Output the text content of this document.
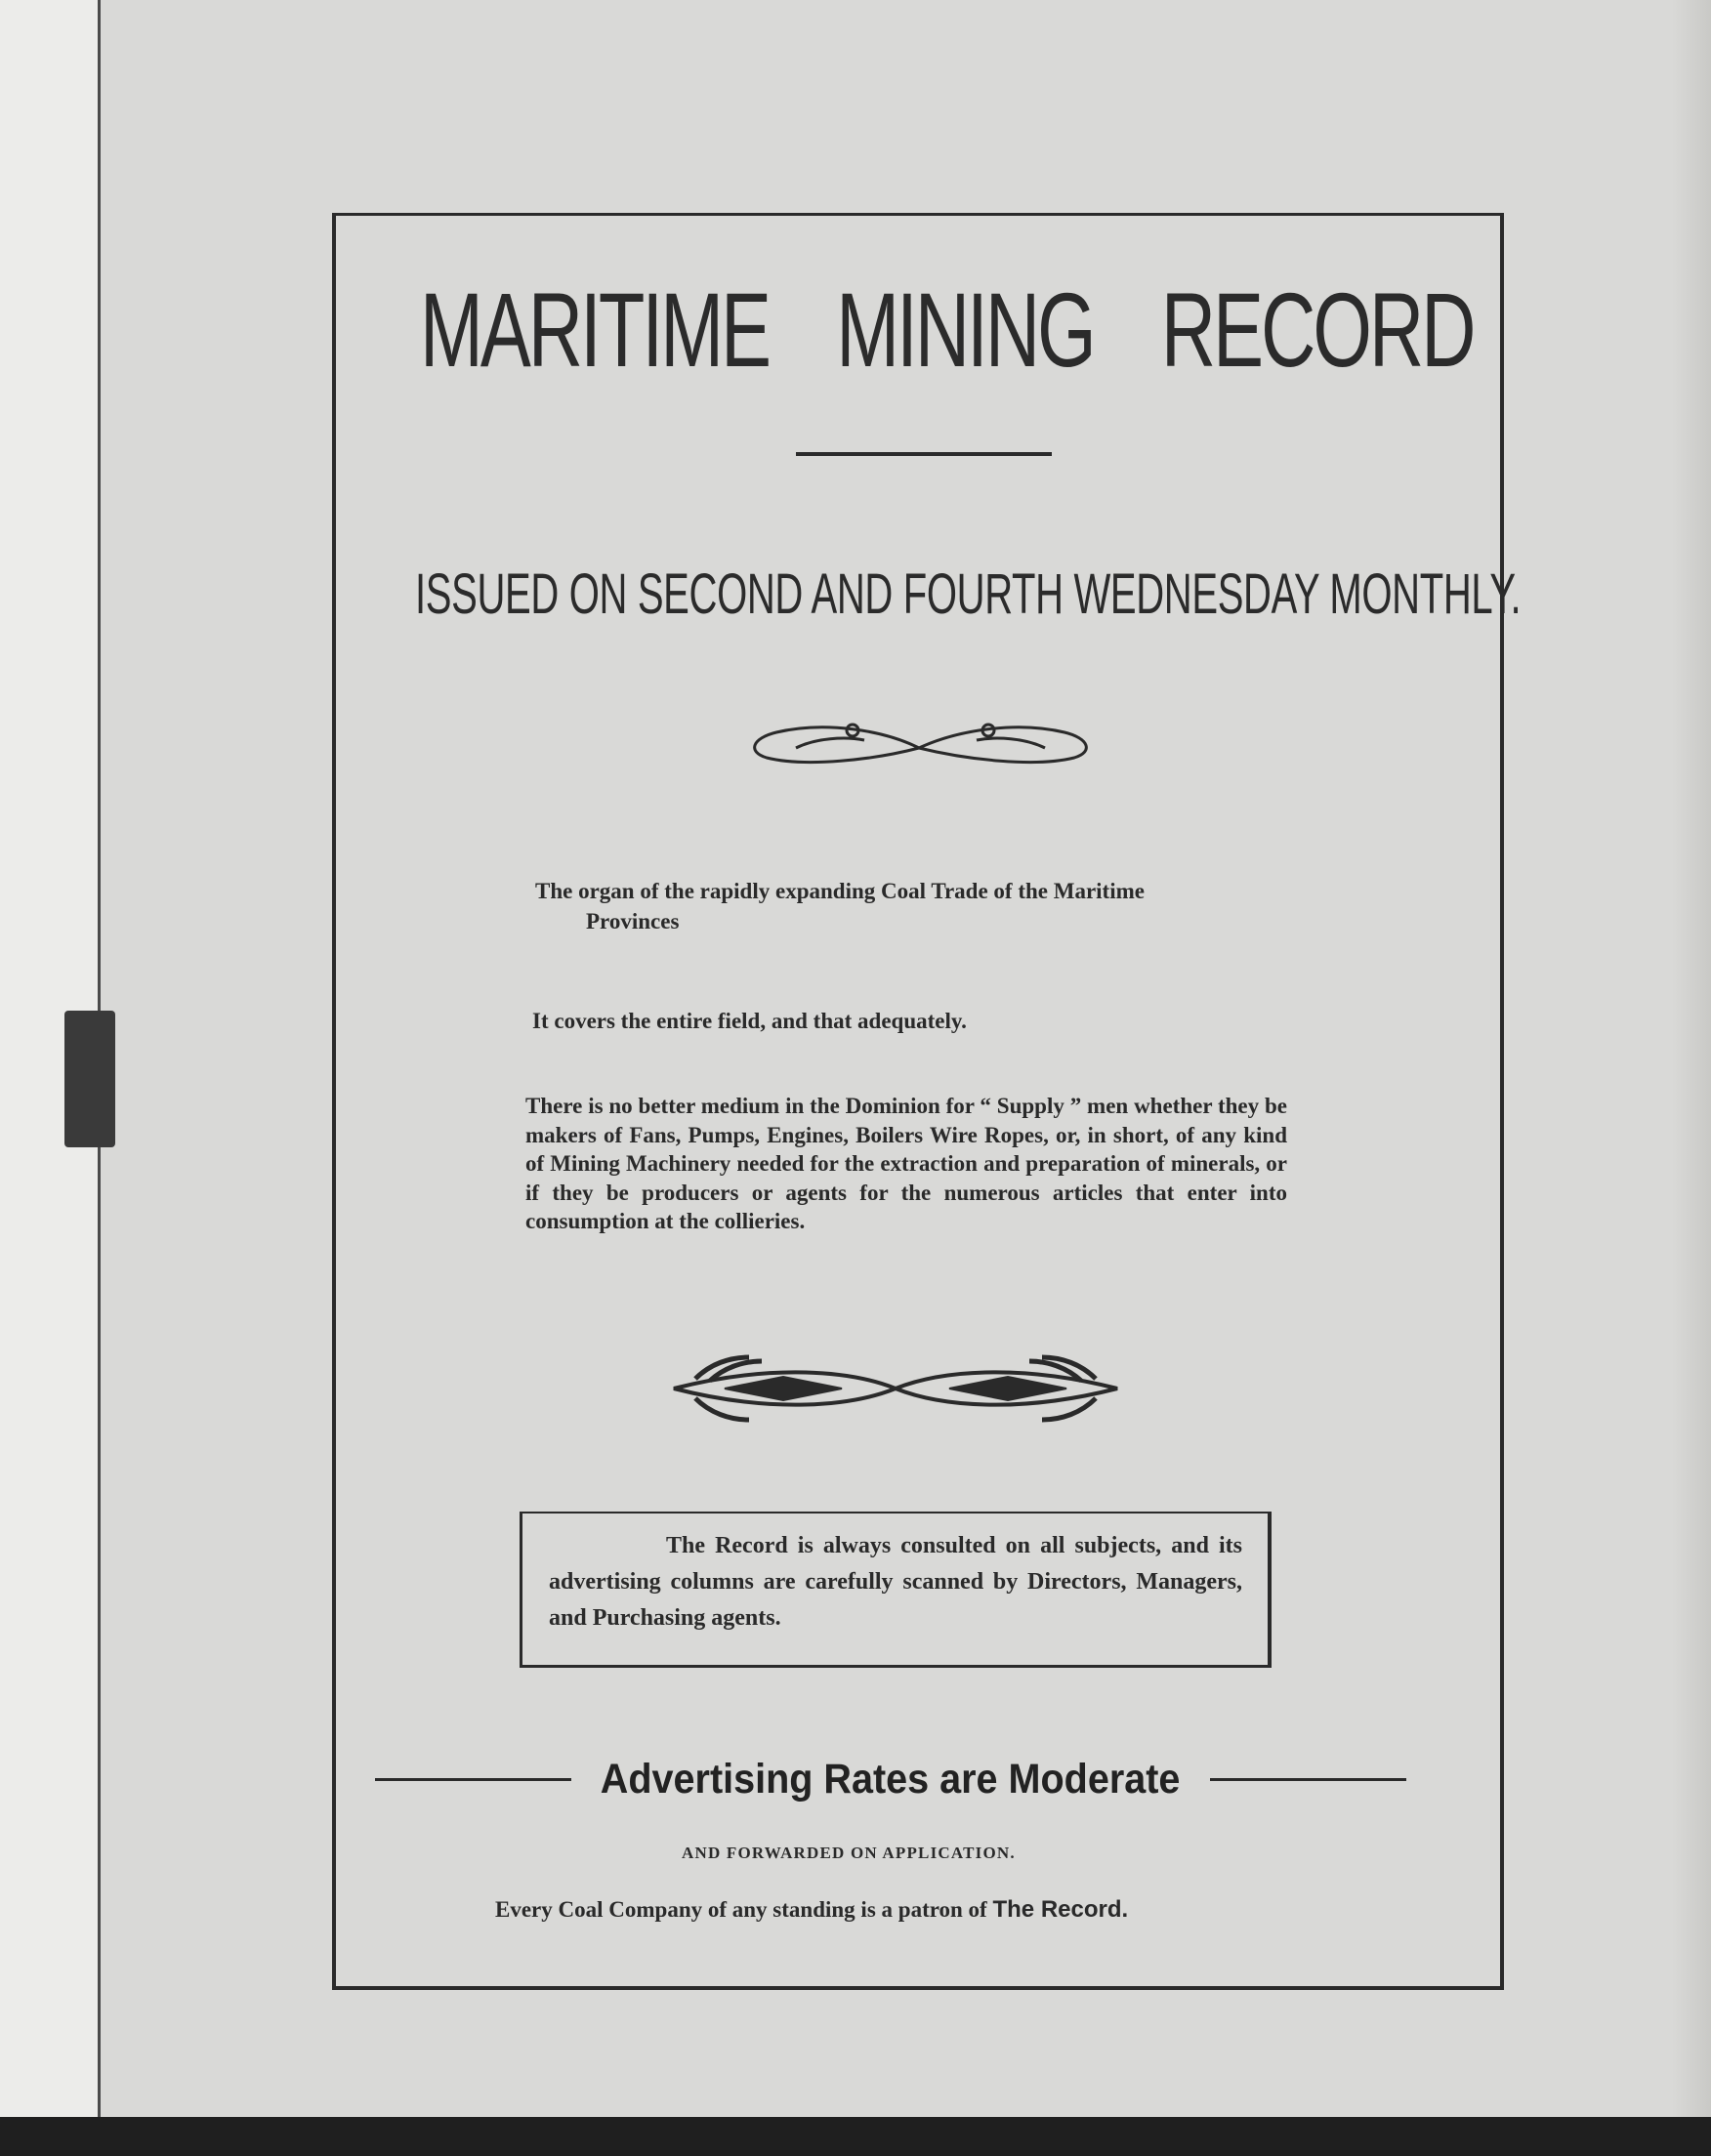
MARITIME MINING RECORD
ISSUED ON SECOND AND FOURTH WEDNESDAY MONTHLY.
The organ of the rapidly expanding Coal Trade of the Maritime
Provinces
It covers the entire field, and that adequately.
There is no better medium in the Dominion for “ Supply ” men whether they be makers of Fans, Pumps, Engines, Boilers Wire Ropes, or, in short, of any kind of Mining Machinery needed for the extraction and preparation of minerals, or if they be producers or agents for the numerous articles that enter into consumption at the collieries.
The Record is always consulted on all subjects, and its advertising columns are carefully scanned by Directors, Managers, and Purchasing agents.
Advertising Rates are Moderate
AND FORWARDED ON APPLICATION.
Every Coal Company of any standing is a patron of The Record.
